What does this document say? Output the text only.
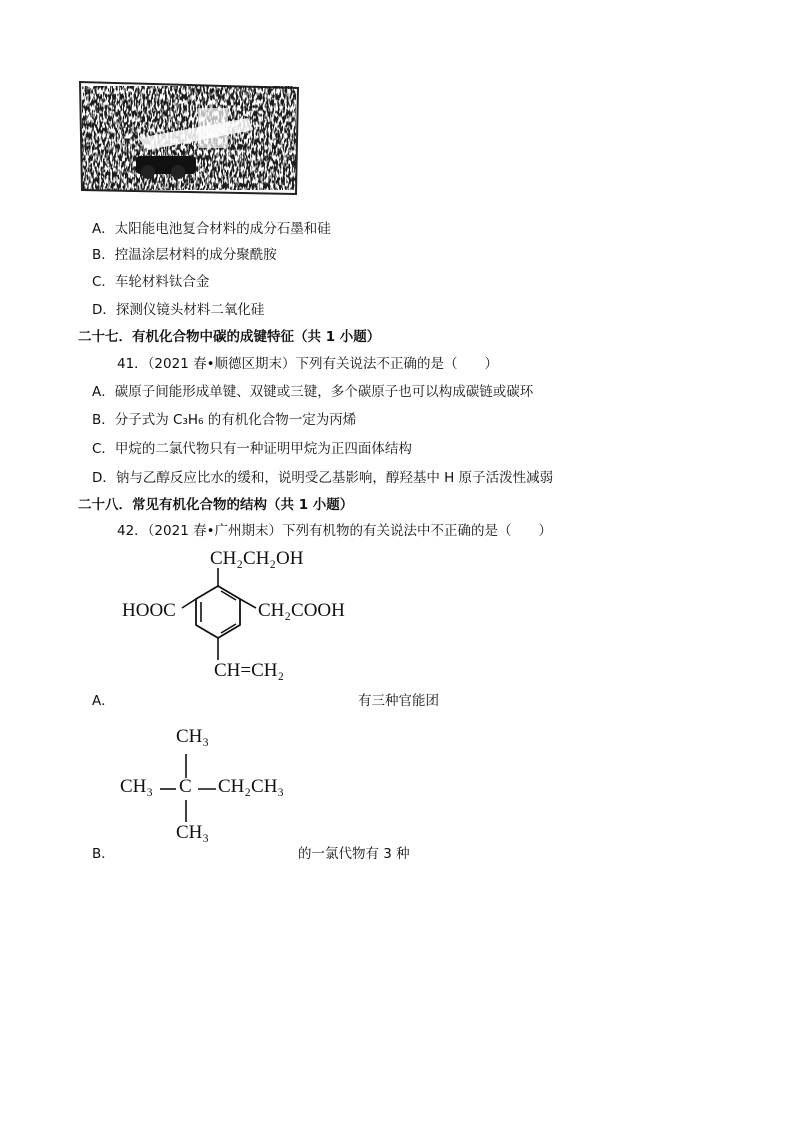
A．太阳能电池复合材料的成分石墨和硅
B．控温涂层材料的成分聚酰胺
C．车轮材料钛合金
D．探测仪镜头材料二氧化硅
二十七．有机化合物中碳的成键特征（共 1 小题）
41．（2021 春•顺德区期末）下列有关说法不正确的是（　　）
A．碳原子间能形成单键、双键或三键，多个碳原子也可以构成碳链或碳环
B．分子式为 C₃H₆ 的有机化合物一定为丙烯
C．甲烷的二氯代物只有一种证明甲烷为正四面体结构
D．钠与乙醇反应比水的缓和，说明受乙基影响，醇羟基中 H 原子活泼性减弱
二十八．常见有机化合物的结构（共 1 小题）
42．（2021 春•广州期末）下列有机物的有关说法中不正确的是（　　）
CH₂CH₂OH
HOOC	CH₂COOH
CH=CH₂
A．	有三种官能团
CH₃
CH₃ C CH₂CH₃
CH₃
B．	的一氯代物有 3 种
